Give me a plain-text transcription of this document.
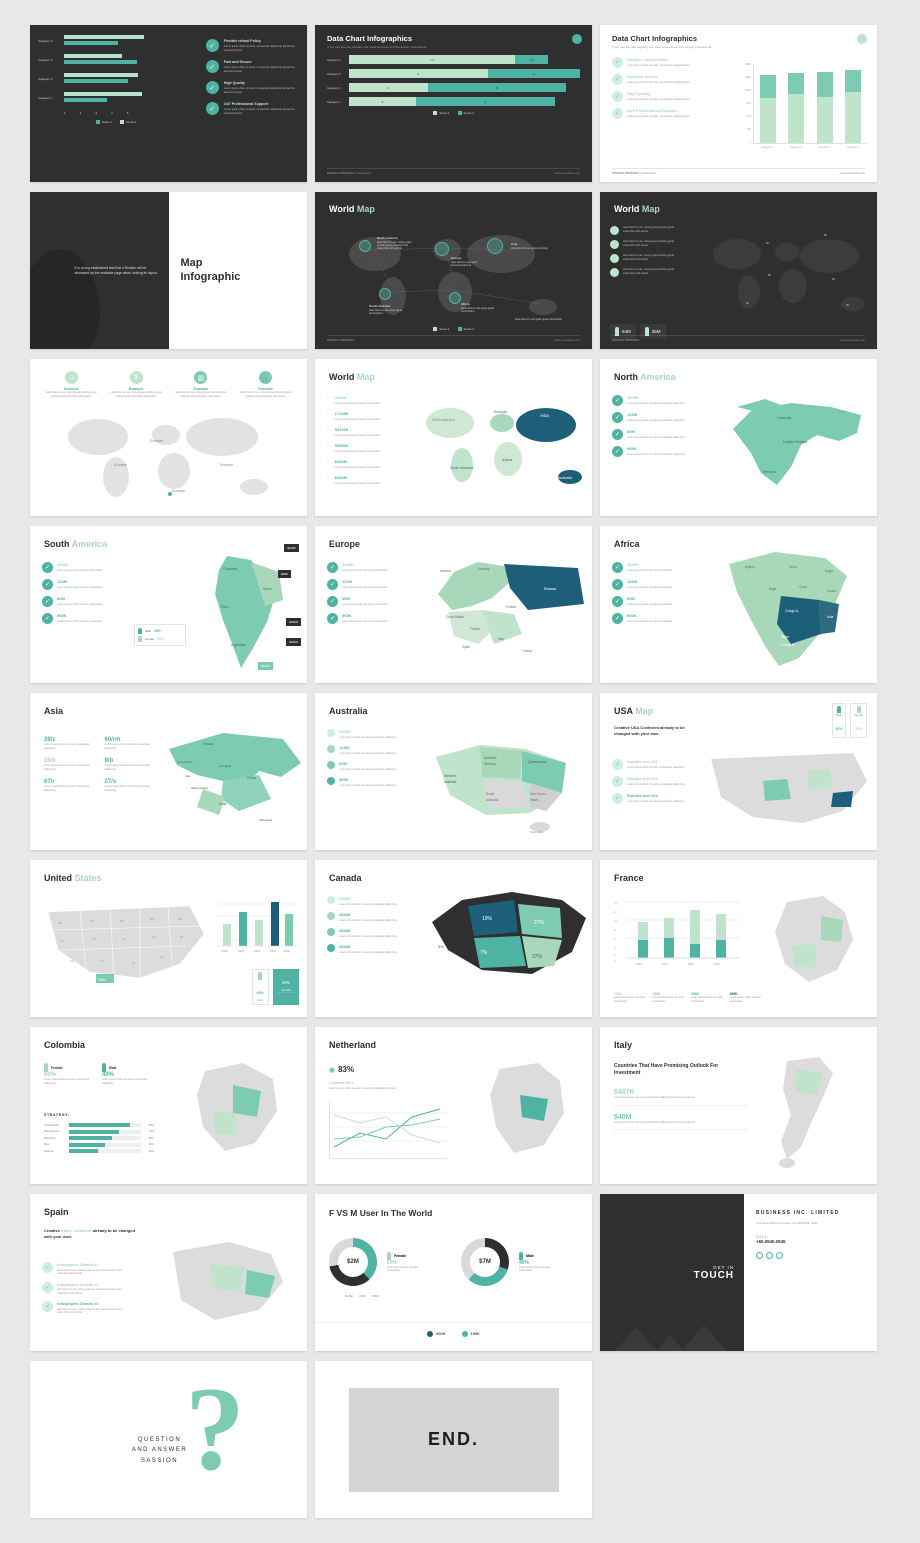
Category 4
Category 3
Category 2
Category 1
1	2	3	4	5
Series 1	Series 2
✓
Flexible refund Policy
Lorem ipsum dolor sit amet, consectetur adipiscing elit sed do eiusmod tempor
✓
Fast and Secure
Lorem ipsum dolor sit amet, consectetur adipiscing elit sed do eiusmod tempor
✓
High Quality
Lorem ipsum dolor sit amet, consectetur adipiscing elit sed do eiusmod tempor
✓
24/7 Professional Support
Lorem ipsum dolor sit amet, consectetur adipiscing elit sed do eiusmod tempor
Data Chart Infographics

If you use this site regularly the great business and the design professional

Category 4	7.2	1.4
Category 3	6	4
Category 2	3	6
Category 1	2	6
Series 1	Series 2
PROJECT PROPOSAL | Presentation	www.yourwebsite.com
Data Chart Infographics

If you use this site regularly the great business and the design professional

✓
Flexible refund Policy
Lorem ipsum dolor sit amet, consectetur adipiscing elit
✓
Fast and Secure
Lorem ipsum dolor sit amet, consectetur adipiscing elit
✓
High Quality
Lorem ipsum dolor sit amet, consectetur adipiscing elit
✓
24/7 Professional Support
Lorem ipsum dolor sit amet, consectetur adipiscing elit
1800
1500
1200
900
600
300
0
Category 1	Category 2	Category 3	Category 4
PROJECT PROPOSAL | Presentation	www.yourwebsite.com
It is a long established fact that a Reader will be distracted by the readable page when looking its layout.
Map
Infographic
World Map
North America
Here flow for use. Using great proofing great practice and subscriber with article.
Europe
Here flow for use great announcement to.
Asia
Here flow for use great proofing.
South America
Here flow for use great great prescription.
Africa
Here flow for use great great prescription.
Here flow for use great great prescription.
Series 1	Series 2
PROJECT PROPOSAL	www.yourwebsite.com
World Map
Here flow for use. Using great proofing great subscriber with article.
Here flow for use. Using great proofing great subscriber with article.
Here flow for use. Using great proofing great subscriber with article.
Here flow for use. Using great proofing great subscriber with article.
5K
3K
9K
2K
4K
4K
64M	36M
PROJECT PROPOSAL	www.yourwebsite.com
☺
Example
Here flow for use. Using great proofing great practice and subscriber with article.
$
Example
Here flow for use. Using great proofing great practice and subscriber with article.
▥
Example
Here flow for use. Using great proofing great practice and subscriber with article.
🛒
Example
Here flow for use. Using great proofing great practice and subscriber with article.
Example
Example	Example
Example
World Map
› 4545K
Lorem ipsum dolor sit amet consectetur
› 17435K
Lorem ipsum dolor sit amet consectetur
› 54731K
Lorem ipsum dolor sit amet consectetur
› 55456K
Lorem ipsum dolor sit amet consectetur
› $354M
Lorem ipsum dolor sit amet consectetur
› $454M
Lorem ipsum dolor sit amet consectetur
Europe
Asia
Africa
North America
South America
Australia
North America
✓
4545K
Lorem ipsum dolor sit amet consectetur adipiscing
✓
122M
Lorem ipsum dolor sit amet consectetur adipiscing
✓
60M
Lorem ipsum dolor sit amet consectetur adipiscing
✓
900K
Lorem ipsum dolor sit amet consectetur adipiscing
Canada
United States
Mexico
U.S.
South America
✓
4545K
Lorem ipsum dolor sit amet consectetur
✓
122M
Lorem ipsum dolor sit amet consectetur
✓
60M
Lorem ipsum dolor sit amet consectetur
✓
900K
Lorem ipsum dolor sit amet consectetur
Colombia
Brazil
Peru
Argentina
$128K
$99K
$180K
$180K
$127K
Male 40%
Female 60%
Europe
✓
4545K
Lorem ipsum dolor sit amet consectetur
✓
122M
Lorem ipsum dolor sit amet consectetur
✓
60M
Lorem ipsum dolor sit amet consectetur
✓
900K
Lorem ipsum dolor sit amet consectetur
Iceland	Norway
Russia
Great Britain
France
Spain
Italy
Turkey
Poland
Africa
✓
4545K
Lorem ipsum dolor sit amet consectetur
✓
122M
Lorem ipsum dolor sit amet consectetur
✓
60M
Lorem ipsum dolor sit amet consectetur
✓
900K
Lorem ipsum dolor sit amet consectetur
Algeria	Libya
Egypt
Niger	Chad
Sudan
Congo A.
Niger
Congo B.
Asia
Asia
39/z
Lorem ipsum dolor sit amet consectetur adipiscing
60/rm
Lorem ipsum dolor sit amet consectetur adipiscing
20/k
Lorem ipsum dolor sit amet consectetur adipiscing
9/b
Lorem ipsum dolor sit amet consectetur adipiscing
67/r
Lorem ipsum dolor sit amet consectetur adipiscing
27/s
Lorem ipsum dolor sit amet consectetur adipiscing
Russia
China
India
Kazakhstan
Mongolia
Saudi Arabia
Iran
Indonesia
Australia
4545K
Lorem ipsum dolor sit amet consectetur adipiscing
122M
Lorem ipsum dolor sit amet consectetur adipiscing
60M
Lorem ipsum dolor sit amet consectetur adipiscing
900K
Lorem ipsum dolor sit amet consectetur adipiscing
Northern
Territory	Queensland
Western
Australia
South
Australia
New South
Wales
Tasmania
USA Map
Creative USA Continent already to be changed with your own.
✓
Subtitle text #01
Lorem ipsum dolor sit amet consectetur adipiscing
✓
Subtitle text #02
Lorem ipsum dolor sit amet consectetur adipiscing
✓
Subtitle text #02
Lorem ipsum dolor sit amet consectetur adipiscing
Male
53%
Female
11%
United States
WA
MT	ND
MN	ME
CA
CO	IA
OH	NY
AZ	TX
AL
VA
35M
Y2000	Y2005	Y2010	Y2015	Y2020
60%
Male
57%
Female
Lorem ipsum dolor
Canada
4545K
Lorem ipsum dolor sit amet consectetur adipiscing
4545K
Lorem ipsum dolor sit amet consectetur adipiscing
4545K
Lorem ipsum dolor sit amet consectetur adipiscing
4545K
Lorem ipsum dolor sit amet consectetur adipiscing
19%
7%
27%
37%
5%
France
14
12
10
8
6
4
2
0
2020	2021	2022	2023
100K
Lorem ipsum dolor sit amet consectetur
150K
Lorem ipsum dolor sit amet consectetur
390K
Lorem ipsum dolor sit amet consectetur
499K
Lorem ipsum dolor sit amet consectetur
Colombia
Female
60%
Lorem ipsum dolor sit amet consectetur adipiscing
Male
40%
Lorem ipsum dolor sit amet consectetur adipiscing
STRATEGY:
Social Media	85%
Management	70%
Marketing	60%
Plan	50%
Analysis	40%
Netherland
◉ 83%
Contents Here
Lorem ipsum dolor sit amet consectetur adipiscing elit sed
Italy
Countries That Have Promising Outlook For Investment
$487K
Lorem ipsum dolor sit amet consectetur adipiscing elit sed do eiusmod
$40M
Lorem ipsum dolor sit amet consectetur adipiscing elit sed do eiusmod
Spain
Creative Spain Continent already to be changed with your own.
✓
Infographic Details #1
Here flow for use. Using great for and great practice and subscriber with article.
✓
Infographic Details #1
Here flow for use. Using great for and great practice and subscriber with article.
✓
Infographic Details #1
Here flow for use. Using great for and great practice and subscriber with article.
F VS M User In The World
$2M
Female
60%
Lorem ipsum dolor sit amet consectetur
$7M
Male
40%
Lorem ipsum dolor sit amet consectetur
$1 Bln 2460r 4560r
200K	155K
GET IN
TOUCH
BUSINESS INC. LIMITED
Your Street Address Text Here, City 89400XML, State
CALL:
+60.0940.0945
?
QUESTION
AND ANSWER
SASSION
END.
